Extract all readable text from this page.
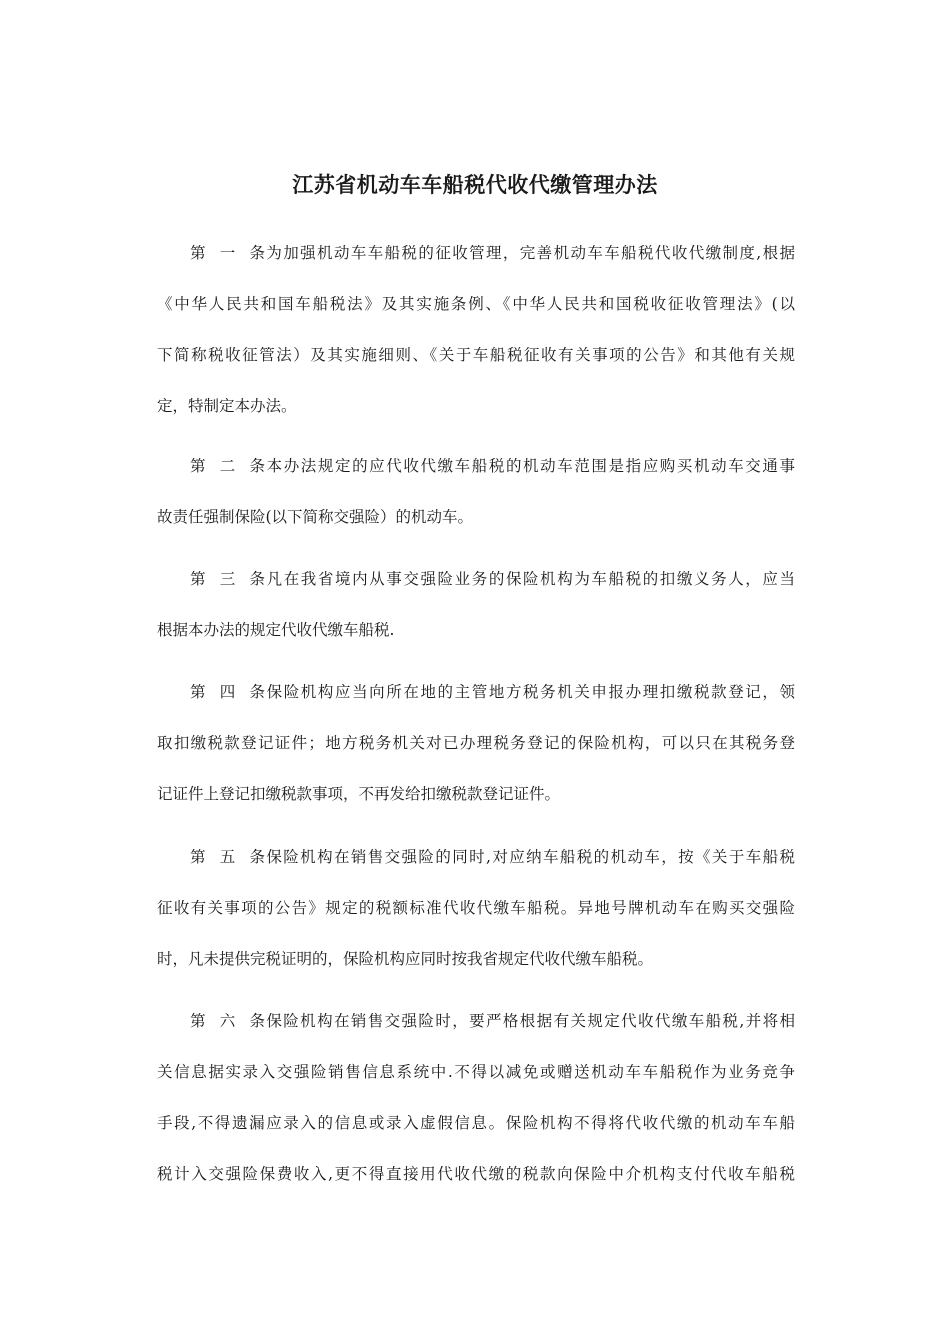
江苏省机动车车船税代收代缴管理办法
第一条为加强机动车车船税的征收管理，完善机动车车船税代收代缴制度,根据
《中华人民共和国车船税法》及其实施条例、《中华人民共和国税收征收管理法》(以
下简称税收征管法）及其实施细则、《关于车船税征收有关事项的公告》和其他有关规
定，特制定本办法。
第二条本办法规定的应代收代缴车船税的机动车范围是指应购买机动车交通事
故责任强制保险(以下简称交强险）的机动车。
第三条凡在我省境内从事交强险业务的保险机构为车船税的扣缴义务人，应当
根据本办法的规定代收代缴车船税.
第四条保险机构应当向所在地的主管地方税务机关申报办理扣缴税款登记，领
取扣缴税款登记证件；地方税务机关对已办理税务登记的保险机构，可以只在其税务登
记证件上登记扣缴税款事项，不再发给扣缴税款登记证件。
第五条保险机构在销售交强险的同时,对应纳车船税的机动车，按《关于车船税
征收有关事项的公告》规定的税额标准代收代缴车船税。异地号牌机动车在购买交强险
时，凡未提供完税证明的，保险机构应同时按我省规定代收代缴车船税。
第六条保险机构在销售交强险时，要严格根据有关规定代收代缴车船税,并将相
关信息据实录入交强险销售信息系统中.不得以减免或赠送机动车车船税作为业务竞争
手段,不得遗漏应录入的信息或录入虚假信息。保险机构不得将代收代缴的机动车车船
税计入交强险保费收入,更不得直接用代收代缴的税款向保险中介机构支付代收车船税
